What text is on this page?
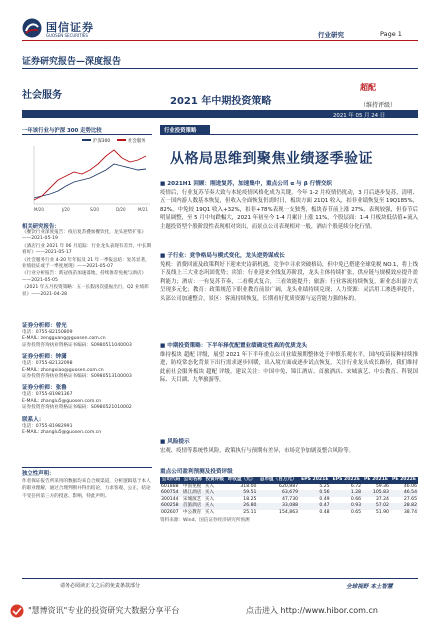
国信证券
GUOSEN SECURITIES	行业研究	Page 1
证券研究报告—深度报告
超配
社会服务
（维持评级）
2021 年中期投资策略
2021 年 05 月 24 日
一年该行业与沪深 300 走势比较
沪深300	社会服务
M/20	J/20	S/20	D/20	M/21
相关研究报告：
《餐饮行业深度报告：疫后复苏叠加餐饮化，龙头逆势扩张》——2021-05-19
《酒店行业 2021 年 06 月追踪：行业龙头表现有差异，中长期看好》——2021-05-17
《社会服务行业 4-20 年年报及 21 年一季报总结：复苏显著，业绩验证或于一季度展现》——2021-05-07
《行业分析报告：新冠疫苗加速落地，持续推荐免税与酒店》——2021-05-05
《2021 年五月投资策略：五一长假再次提振出行，Q2 业绩彰显》——2021-04-28
证券分析师：曾光
电话：0755-82150809
E-MAIL: zengguang@guosen.com.cn
证券投资咨询执业资格证书编码：S0980511040003
证券分析师：钟潇
电话：0755-82132098
E-MAIL: zhongxiao@guosen.com.cn
证券投资咨询执业资格证书编码：S0980513100003
证券分析师：张鲁
电话：0755-81981367
E-MAIL: zhanglu5@guosen.com.cn
证券投资咨询执业资格证书编码：S0980521010002
联系人：
电话：0755-81982991
E-MAIL: zhanglu5@guosen.com.cn
独立性声明：
作者保证报告所采用的数据均来自合规渠道，分析逻辑基于本人的职业理解，通过合理判断并得出结论，力求客观、公正，结论不受任何第三方的授意、影响，特此声明。
行业投资策略
从格局思维到聚焦业绩逐季验证
■ 2021H1 回顾：刚进复苏，加速集中，重点公司 α 与 β 行情交织
疫情后，行业复苏节奏大致与本轮疫情风格化成为关键，今年 1-2 月疫情仍扰动，3 月后逐步复苏，清明、五一国内游人数基本恢复，但收入全面恢复仍需时日，板块方面 21Q1 收入，扣非业绩恢复至 19Q185%，82%，中免较 19Q1 收入+32%，扣非+78%表现一支独秀，板块春节前上涨 27%，表现较强，但春节后明显调整，至 5 月中旬跌幅大，2021 年初至今 1-4 月累计上涨 11%，个股层面：1-4 月板块低估值+流入主题投资型个股阶段性表现相对突出，而景点公司表现相对一般，酒店个股延续分化行情。
■ 子行业：竞争格局与模式变化，龙头逆势谋成长
免税：消费回流及政策利好下迎来史诗新机遇，竞争中寻求突破格局，但中免已搭建全球免税 NO.1，将上线下及线上三大业态巩固优势；宾馆：行业迎来全线复苏阶段，龙头主体持续扩张，供应链与规模效应提升盈利能力；酒店：一有复苏节奏，二看模式复合，三看效能提升；旅游：行业客流持续恢复，新业态出游方式呈现多元化；教育：政策规范下职业教育前景广阔，龙头业绩持续兑现；人力资源：灵活用工渗透率提升，头部公司加速整合，景区：客流持续恢复，长期看好优质资源与运营能力强的标的。
■ 中期投资策略：下半年择优配置业绩确定性高的优质龙头
维持板块 超配 评级，展望 2021 年下半年重点公司业绩预期整体处于审慎乐观水平，国内疫苗接种持续推进，防疫常态化背景下出行需求逐步回暖，出入境方面或逐步试点恢复，关注行业龙头成长路径，我们维持此前社会服务板块 超配 评级，建议关注：中国中免、锦江酒店、首旅酒店、宋城演艺、中公教育、科锐国际、天目湖、九华旅游等。
■ 风险提示
宏观、疫情等系统性风险，政策执行与预期有差异，市场竞争加剧及整合风险等。
重点公司盈利预测及投资评级
公司代码	公司名称	投资评级	昨收盘（元）	总市值（百万元）	EPS 2021E	EPS 2022E	PE 2021E	PE 2022E
601888	中国免税	买入	318.00	620,887	5.25	6.72	59.36	46.06
600754	锦江酒店	买入	59.51	63,679	0.56	1.28	105.83	46.54
300144	宋城演艺	买入	18.25	47,730	0.49	0.66	37.24	27.65
600258	首旅酒店	买入	26.80	33,088	0.47	0.93	57.02	28.82
002607	中公教育	买入	25.11	154,863	0.48	0.65	51.90	38.74
资料来源：Wind、国信证券经济研究所预测
请务必阅读正文之后的免责条款部分	全球视野 本土智慧
"慧博资讯"专业的投资研究大数据分享平台	点击进入 http://www.hibor.com.cn
